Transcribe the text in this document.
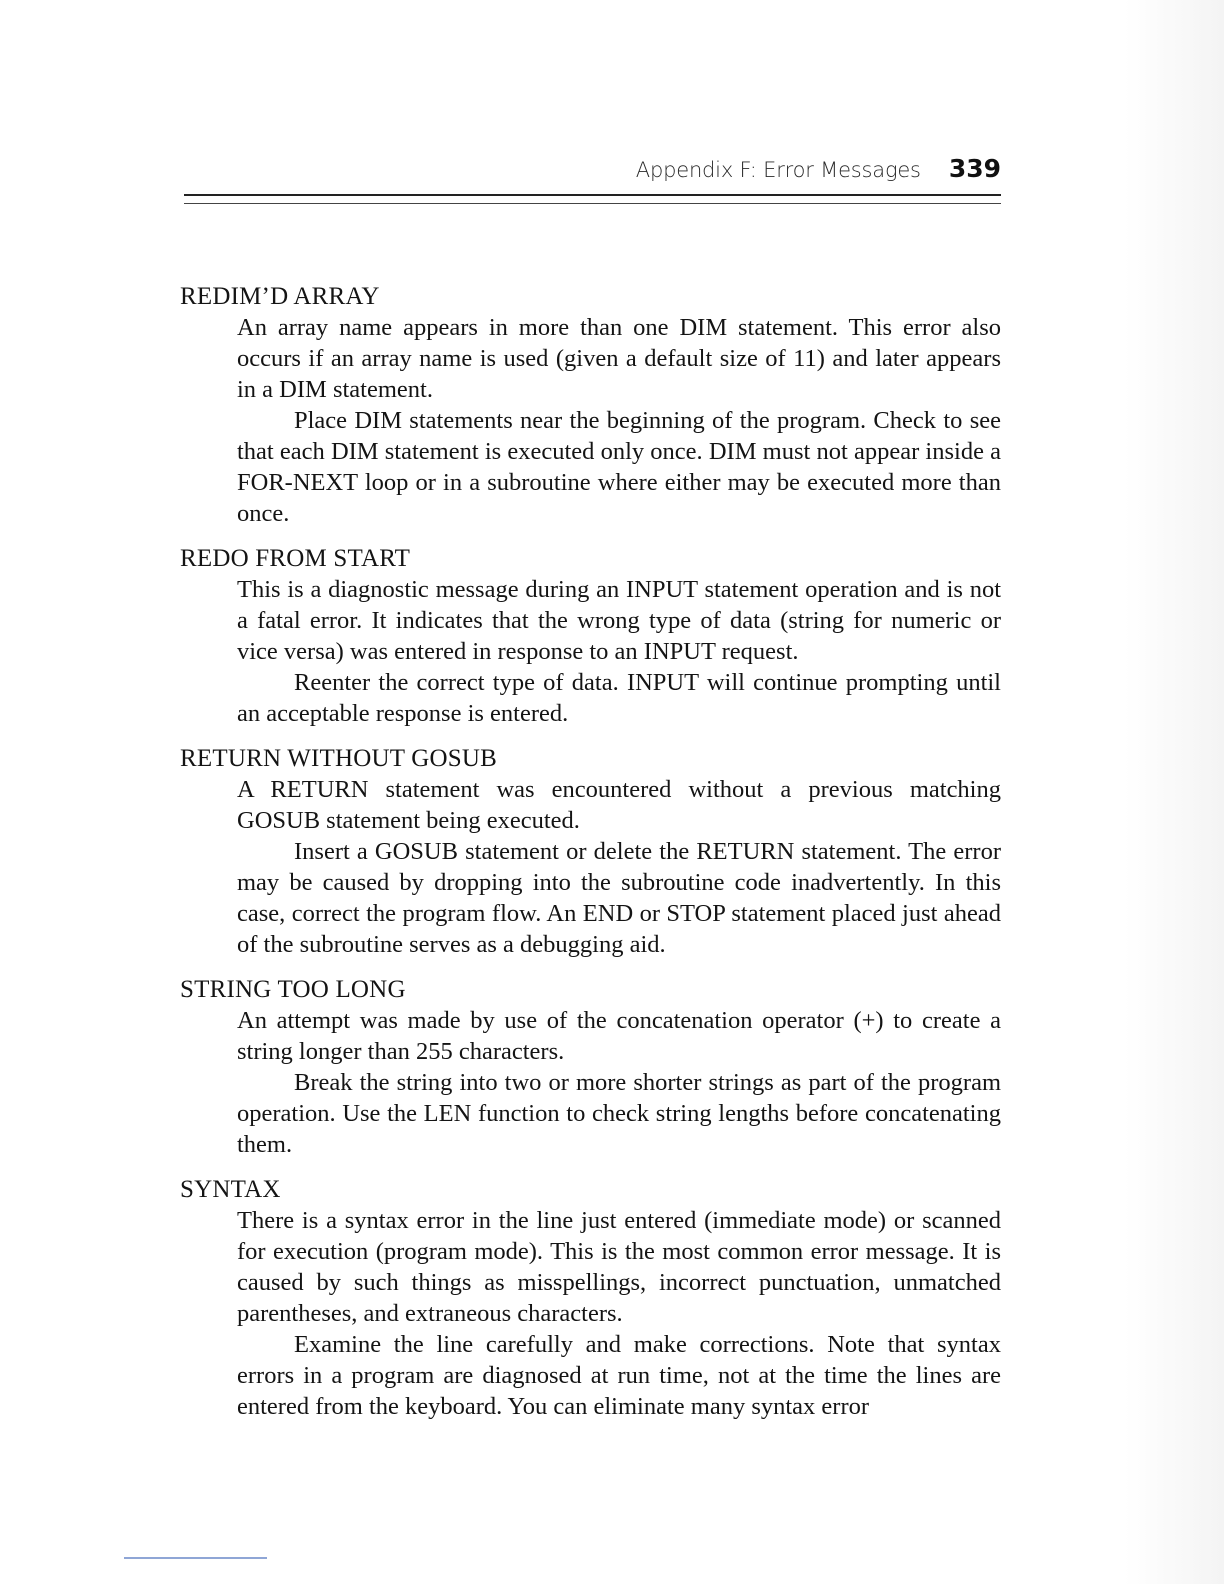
Appendix F: Error Messages 339
REDIM’D ARRAY

An array name appears in more than one DIM statement. This error also occurs if an array name is used (given a default size of 11) and later appears in a DIM statement.

Place DIM statements near the beginning of the program. Check to see that each DIM statement is executed only once. DIM must not appear inside a FOR-NEXT loop or in a subroutine where either may be executed more than once.

REDO FROM START

This is a diagnostic message during an INPUT statement operation and is not a fatal error. It indicates that the wrong type of data (string for numeric or vice versa) was entered in response to an INPUT request.

Reenter the correct type of data. INPUT will continue prompting until an acceptable response is entered.

RETURN WITHOUT GOSUB

A RETURN statement was encountered without a previous matching GOSUB statement being executed.

Insert a GOSUB statement or delete the RETURN statement. The error may be caused by dropping into the subroutine code inadvertently. In this case, correct the program flow. An END or STOP statement placed just ahead of the subroutine serves as a debugging aid.

STRING TOO LONG

An attempt was made by use of the concatenation operator (+) to create a string longer than 255 characters.

Break the string into two or more shorter strings as part of the program operation. Use the LEN function to check string lengths before concatenating them.

SYNTAX

There is a syntax error in the line just entered (immediate mode) or scanned for execution (program mode). This is the most common error message. It is caused by such things as misspellings, incorrect punctuation, unmatched parentheses, and extraneous characters.

Examine the line carefully and make corrections. Note that syntax errors in a program are diagnosed at run time, not at the time the lines are entered from the keyboard. You can eliminate many syntax error
